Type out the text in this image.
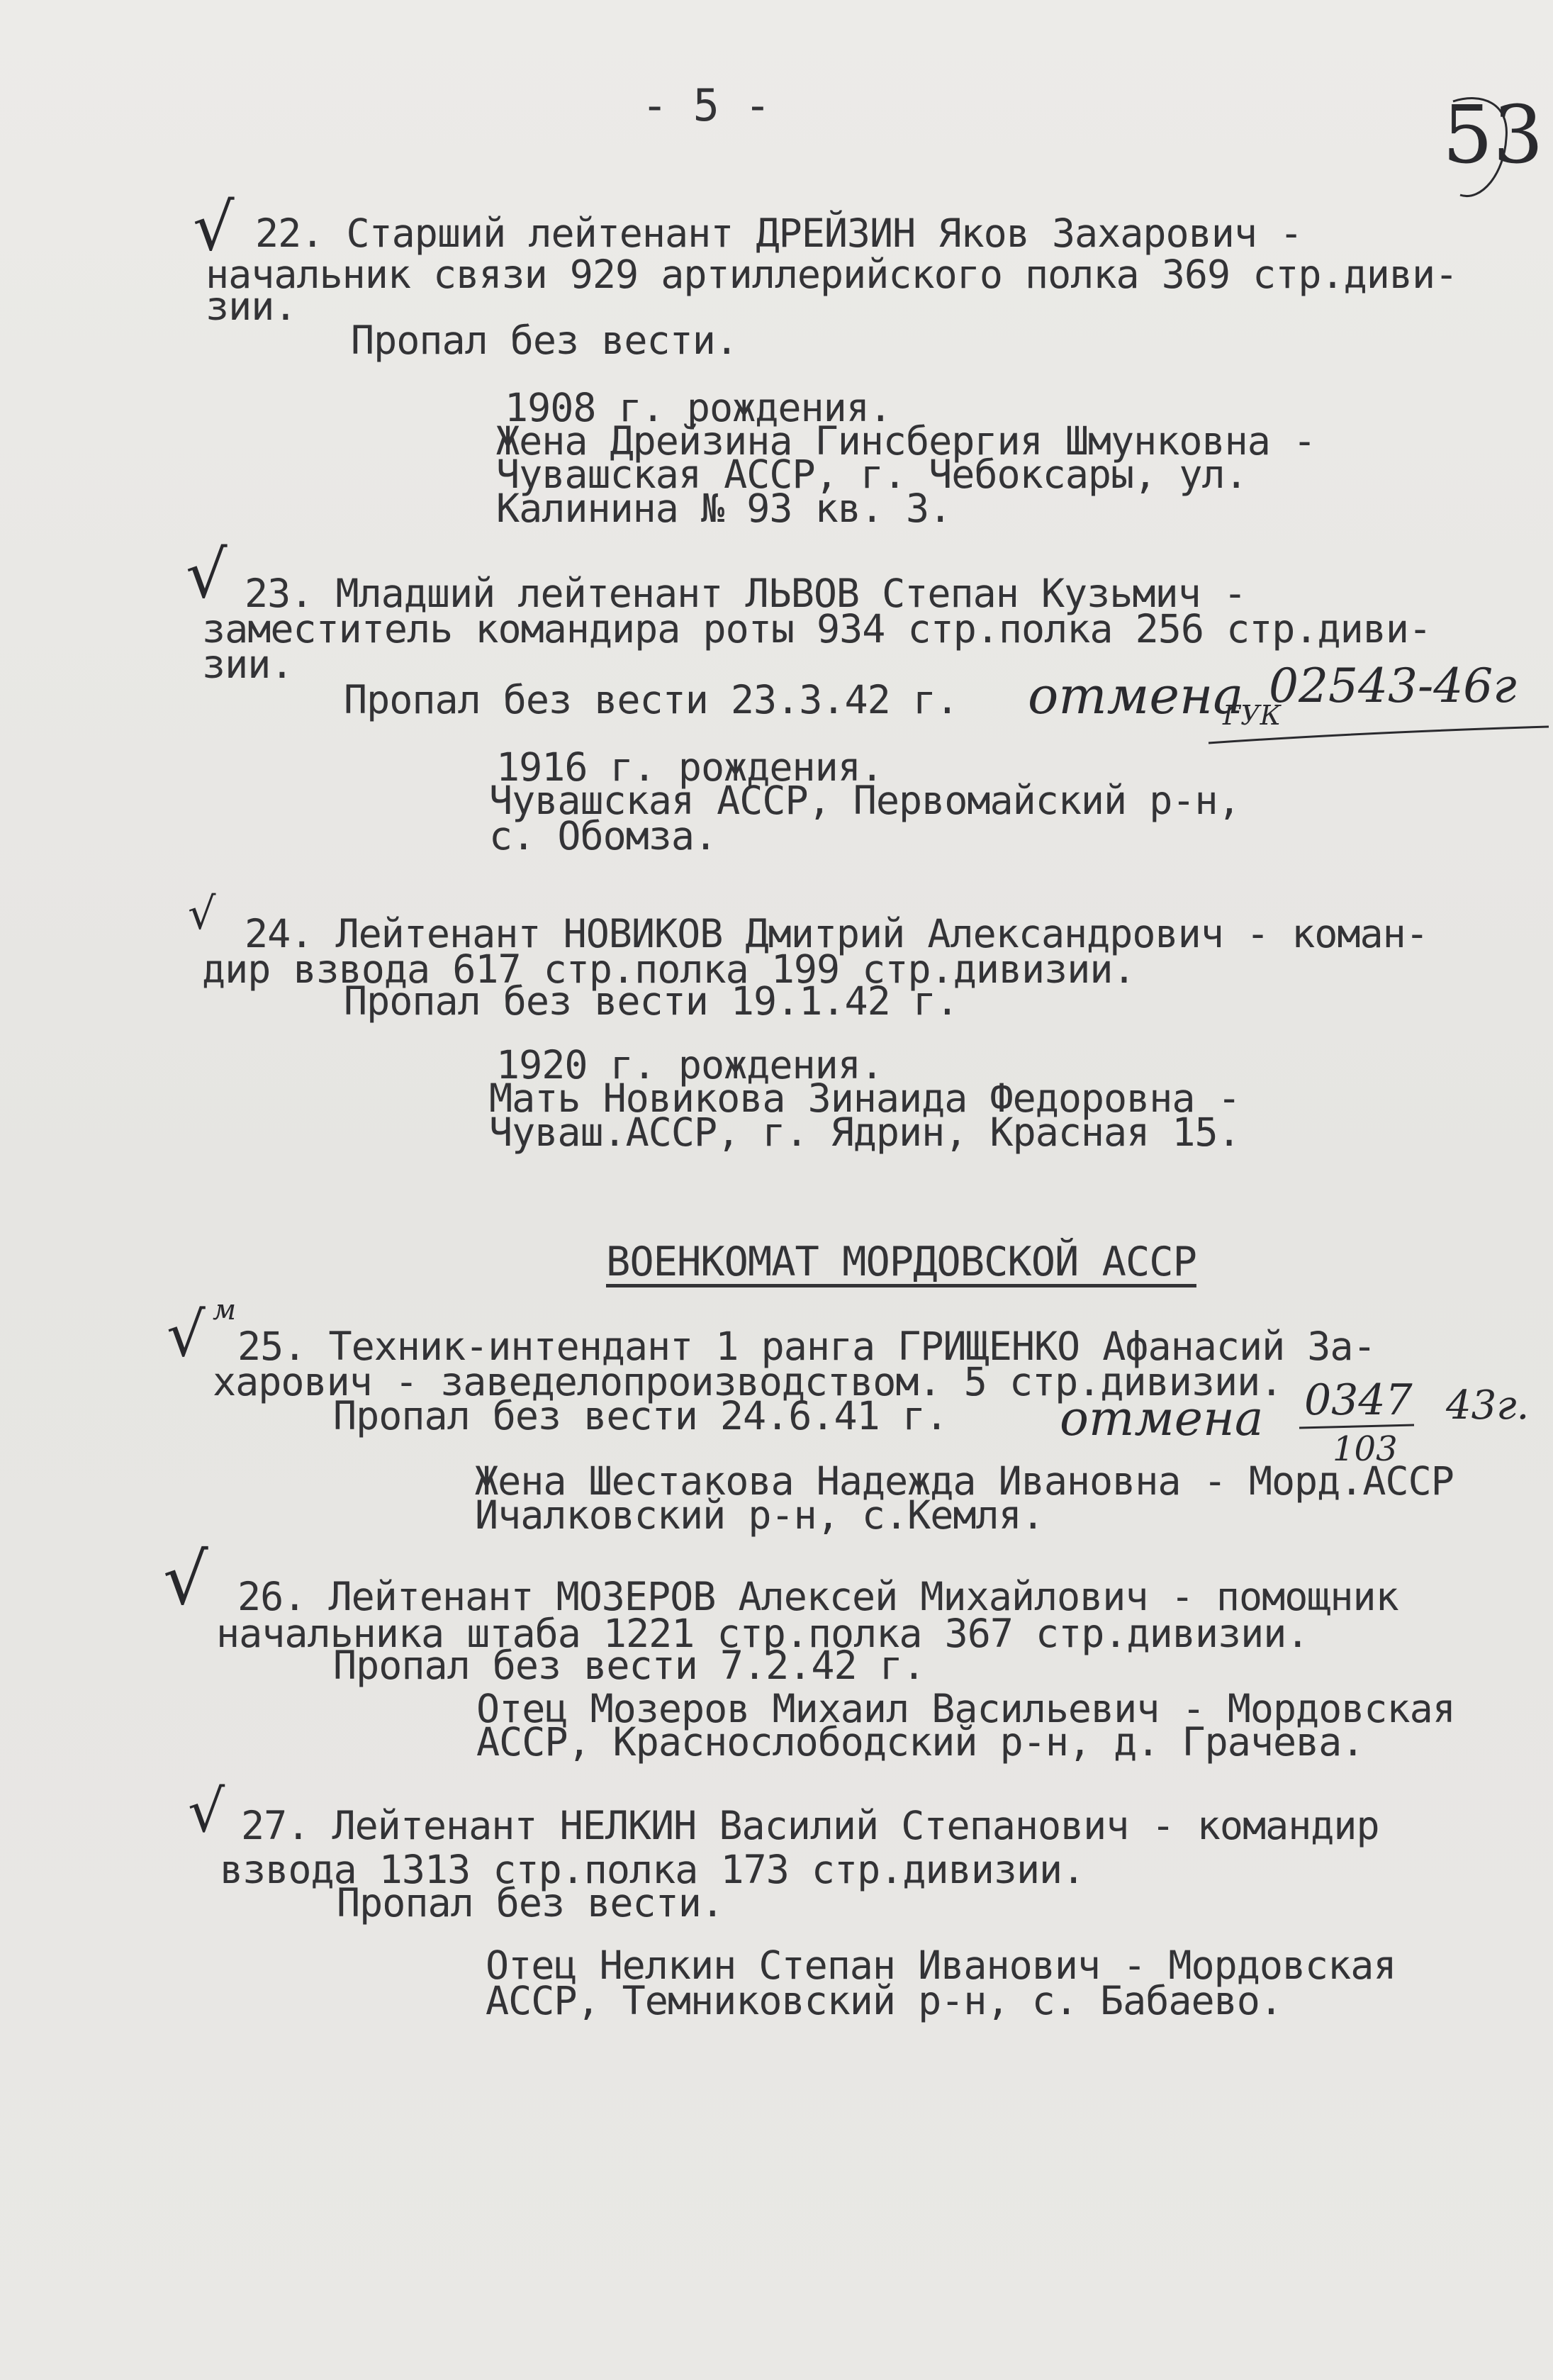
- 5 -	53
√ 22. Старший лейтенант ДРЕЙЗИН Яков Захарович -
начальник связи 929 артиллерийского полка 369 стр.диви-
зии.
Пропал без вести.
1908 г. рождения.
Жена Дрейзина Гинсбергия Шмунковна -
Чувашская АССР, г. Чебоксары, ул.
Калинина № 93 кв. 3.
√ 23. Младший лейтенант ЛЬВОВ Степан Кузьмич -
заместитель командира роты 934 стр.полка 256 стр.диви-
зии.
Пропал без вести 23.3.42 г. отмена 02543-46г
ГУК
1916 г. рождения.
Чувашская АССР, Первомайский р-н,
с. Обомза.
√ 24. Лейтенант НОВИКОВ Дмитрий Александрович - коман-
дир взвода 617 стр.полка 199 стр.дивизии.
Пропал без вести 19.1.42 г.
1920 г. рождения.
Мать Новикова Зинаида Федоровна -
Чуваш.АССР, г. Ядрин, Красная 15.
ВОЕНКОМАТ МОРДОВСКОЙ АССР
√ м
25. Техник-интендант 1 ранга ГРИЩЕНКО Афанасий За-
харович - заведелопроизводством. 5 стр.дивизии.
Пропал без вести 24.6.41 г. отмена 0347
103
43г.
Жена Шестакова Надежда Ивановна - Морд.АССР
Ичалковский р-н, с.Кемля.
√ 26. Лейтенант МОЗЕРОВ Алексей Михайлович - помощник
начальника штаба 1221 стр.полка 367 стр.дивизии.
Пропал без вести 7.2.42 г.
Отец Мозеров Михаил Васильевич - Мордовская
АССР, Краснослободский р-н, д. Грачева.
√ 27. Лейтенант НЕЛКИН Василий Степанович - командир
взвода 1313 стр.полка 173 стр.дивизии.
Пропал без вести.
Отец Нелкин Степан Иванович - Мордовская
АССР, Темниковский р-н, с. Бабаево.
